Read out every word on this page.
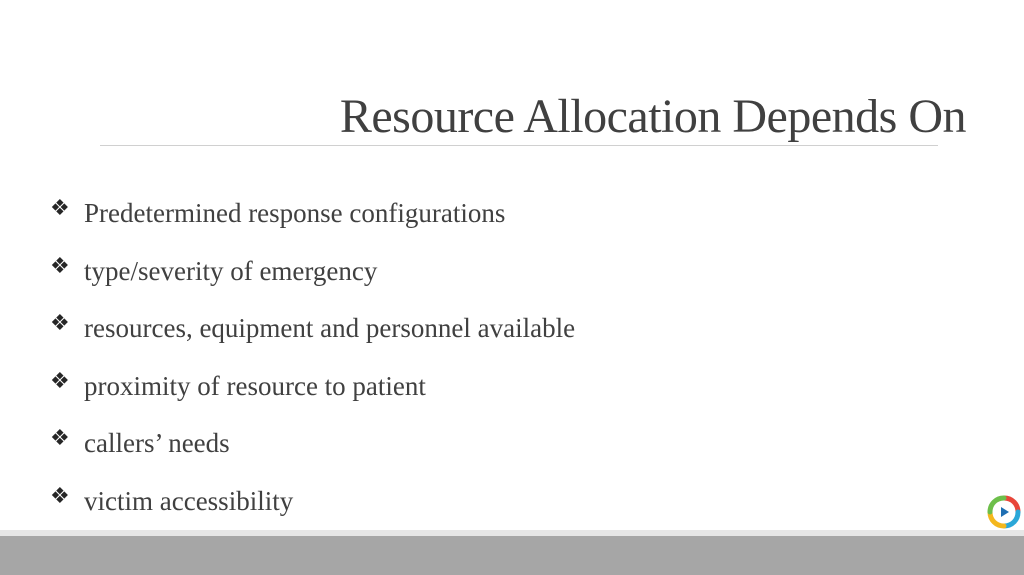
Resource Allocation Depends On
❖ Predetermined response configurations
❖ type/severity of emergency
❖ resources, equipment and personnel available
❖ proximity of resource to patient
❖ callers’ needs
❖ victim accessibility
